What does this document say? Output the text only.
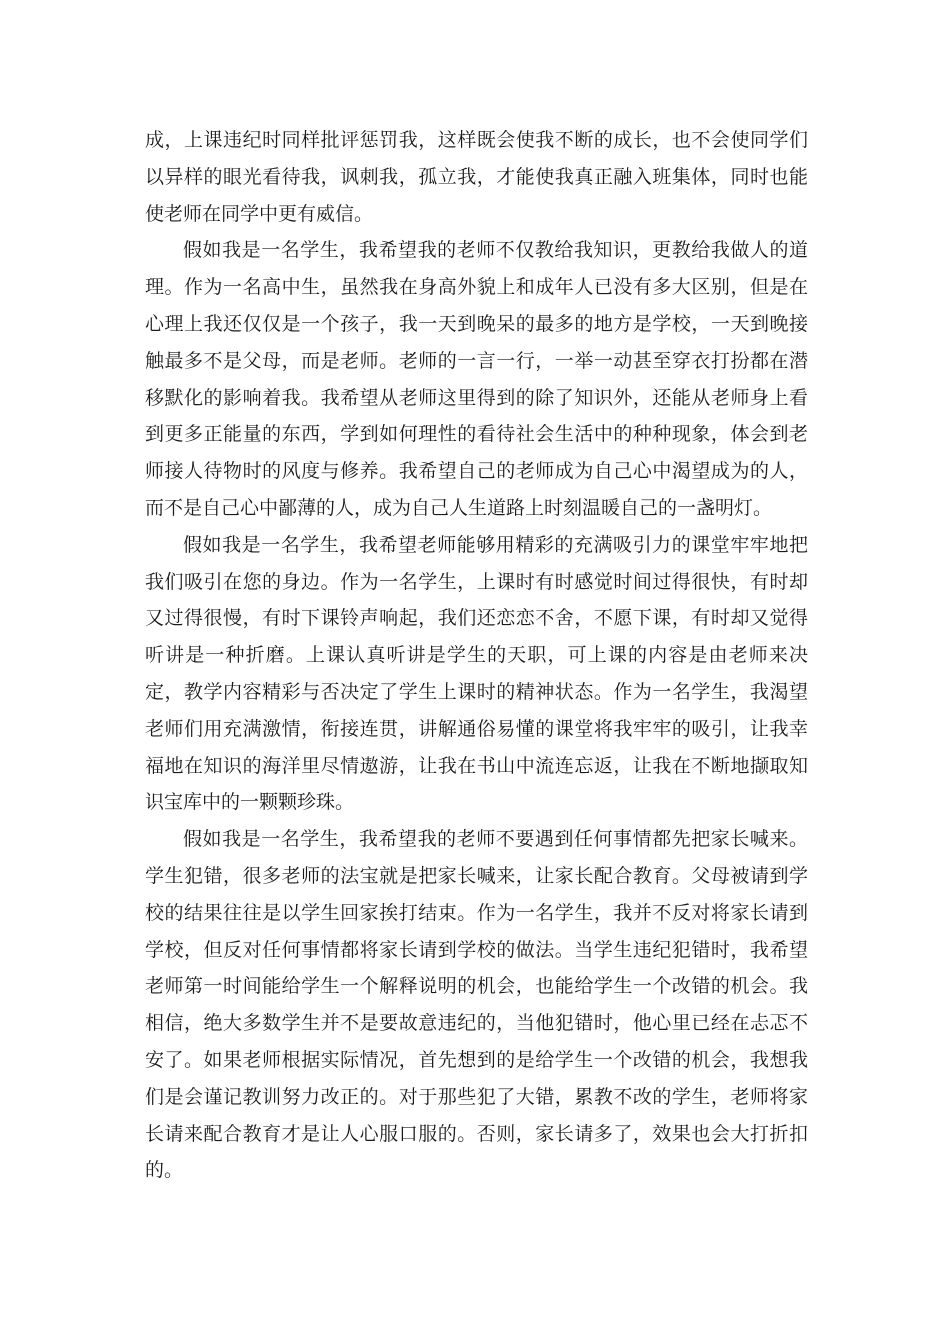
成，上课违纪时同样批评惩罚我，这样既会使我不断的成长，也不会使同学们以异样的眼光看待我，讽刺我，孤立我，才能使我真正融入班集体，同时也能使老师在同学中更有威信。

假如我是一名学生，我希望我的老师不仅教给我知识，更教给我做人的道理。作为一名高中生，虽然我在身高外貌上和成年人已没有多大区别，但是在心理上我还仅仅是一个孩子，我一天到晚呆的最多的地方是学校，一天到晚接触最多不是父母，而是老师。老师的一言一行，一举一动甚至穿衣打扮都在潜移默化的影响着我。我希望从老师这里得到的除了知识外，还能从老师身上看到更多正能量的东西，学到如何理性的看待社会生活中的种种现象，体会到老师接人待物时的风度与修养。我希望自己的老师成为自己心中渴望成为的人，而不是自己心中鄙薄的人，成为自己人生道路上时刻温暖自己的一盏明灯。

假如我是一名学生，我希望老师能够用精彩的充满吸引力的课堂牢牢地把我们吸引在您的身边。作为一名学生，上课时有时感觉时间过得很快，有时却又过得很慢，有时下课铃声响起，我们还恋恋不舍，不愿下课，有时却又觉得听讲是一种折磨。上课认真听讲是学生的天职，可上课的内容是由老师来决定，教学内容精彩与否决定了学生上课时的精神状态。作为一名学生，我渴望老师们用充满激情，衔接连贯，讲解通俗易懂的课堂将我牢牢的吸引，让我幸福地在知识的海洋里尽情遨游，让我在书山中流连忘返，让我在不断地撷取知识宝库中的一颗颗珍珠。

假如我是一名学生，我希望我的老师不要遇到任何事情都先把家长喊来。学生犯错，很多老师的法宝就是把家长喊来，让家长配合教育。父母被请到学校的结果往往是以学生回家挨打结束。作为一名学生，我并不反对将家长请到学校，但反对任何事情都将家长请到学校的做法。当学生违纪犯错时，我希望老师第一时间能给学生一个解释说明的机会，也能给学生一个改错的机会。我相信，绝大多数学生并不是要故意违纪的，当他犯错时，他心里已经在忐忑不安了。如果老师根据实际情况，首先想到的是给学生一个改错的机会，我想我们是会谨记教训努力改正的。对于那些犯了大错，累教不改的学生，老师将家长请来配合教育才是让人心服口服的。否则，家长请多了，效果也会大打折扣的。
